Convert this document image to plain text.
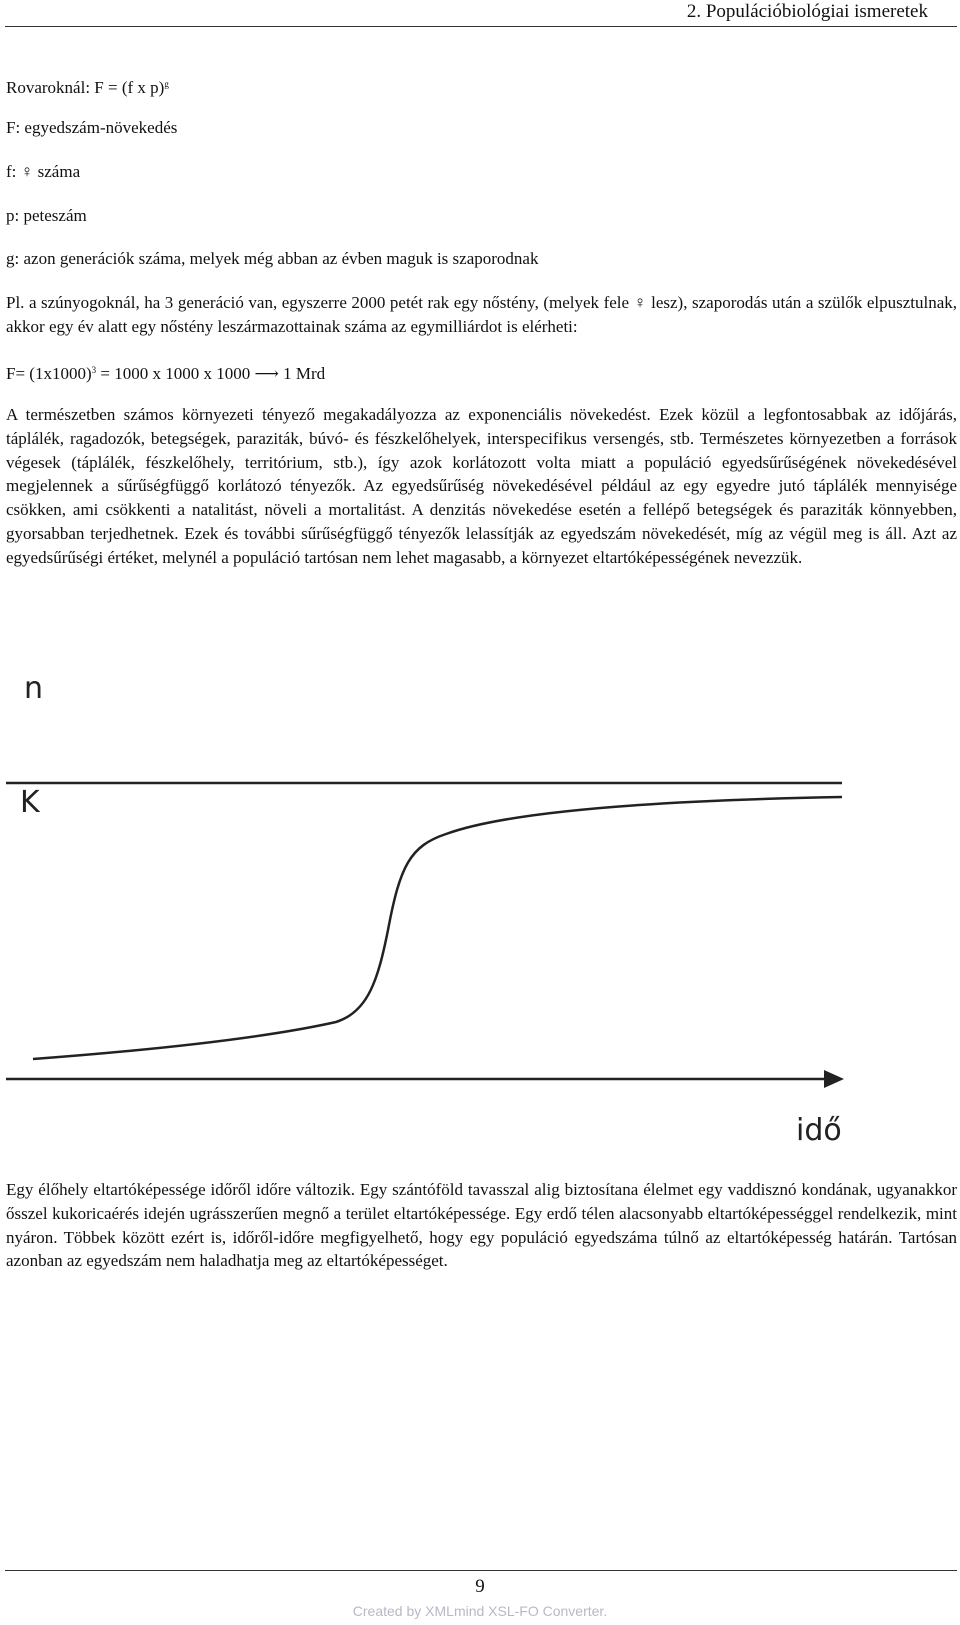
2. Populációbiológiai ismeretek
Rovaroknál: F = (f x p)$^g$
F: egyedszám-növekedés
f: ♀ száma
p: peteszám
g: azon generációk száma, melyek még abban az évben maguk is szaporodnak

Pl. a szúnyogoknál, ha 3 generáció van, egyszerre 2000 petét rak egy nőstény, (melyek fele ♀ lesz), szaporodás után a szülők elpusztulnak, akkor egy év alatt egy nőstény leszármazottainak száma az egymilliárdot is elérheti:

$F= (1x1000)^3 = 1000$ x 1000 x 1000 ⟶ 1 Mrd

A természetben számos környezeti tényező megakadályozza az exponenciális növekedést. Ezek közül a legfontosabbak az időjárás, táplálék, ragadozók, betegségek, paraziták, búvó- és fészkelőhelyek, interspecifikus versengés, stb. Természetes környezetben a források végesek (táplálék, fészkelőhely, territórium, stb.), így azok korlátozott volta miatt a populáció egyedsűrűségének növekedésével megjelennek a sűrűségfüggő korlátozó tényezők. Az egyedsűrűség növekedésével például az egy egyedre jutó táplálék mennyisége csökken, ami csökkenti a natalitást, növeli a mortalitást. A denzitás növekedése esetén a fellépő betegségek és paraziták könnyebben, gyorsabban terjedhetnek. Ezek és további sűrűségfüggő tényezők lelassítják az egyedszám növekedését, míg az végül meg is áll. Azt az egyedsűrűségi értéket, melynél a populáció tartósan nem lehet magasabb, a környezet eltartóképességének nevezzük.

n
K
idő

Egy élőhely eltartóképessége időről időre változik. Egy szántóföld tavasszal alig biztosítana élelmet egy vaddisznó kondának, ugyanakkor ősszel kukoricaérés idején ugrásszerűen megnő a terület eltartóképessége. Egy erdő télen alacsonyabb eltartóképességgel rendelkezik, mint nyáron. Többek között ezért is, időről-időre megfigyelhető, hogy egy populáció egyedszáma túlnő az eltartóképesség határán. Tartósan azonban az egyedszám nem haladhatja meg az eltartóképességet.

9
Created by XMLmind XSL-FO Converter.
